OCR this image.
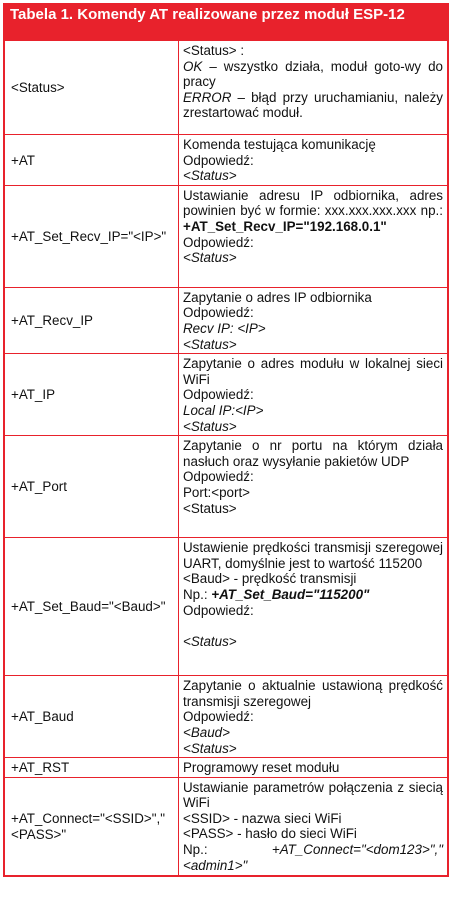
Tabela 1. Komendy AT realizowane przez moduł ESP-12
<Status>	<Status> :
OK – wszystko działa, moduł goto-wy do pracy
ERROR – błąd przy uruchamianiu, należy zrestartować moduł.

+AT	Komenda testująca komunikację
Odpowiedź:
<Status>

+AT_Set_Recv_IP="<IP>"	Ustawianie adresu IP odbiornika, adres powinien być w formie: xxx.xxx.xxx.xxx np.: +AT_Set_Recv_IP="192.168.0.1"
Odpowiedź:
<Status>

+AT_Recv_IP	Zapytanie o adres IP odbiornika
Odpowiedź:
Recv IP: <IP>
<Status>

+AT_IP	Zapytanie o adres modułu w lokalnej sieci WiFi
Odpowiedź:
Local IP:<IP>
<Status>

+AT_Port	Zapytanie o nr portu na którym działa nasłuch oraz wysyłanie pakietów UDP
Odpowiedź:
Port:<port>
<Status>

+AT_Set_Baud="<Baud>"	Ustawienie prędkości transmisji szeregowej UART, domyślnie jest to wartość 115200
<Baud> - prędkość transmisji
Np.: +AT_Set_Baud="115200"
Odpowiedź:

<Status>

+AT_Baud	Zapytanie o aktualnie ustawioną prędkość transmisji szeregowej
Odpowiedź:
<Baud>
<Status>

+AT_RST	Programowy reset modułu

+AT_Connect="<SSID>","<PASS>"	Ustawianie parametrów połączenia z siecią WiFi
<SSID> - nazwa sieci WiFi
<PASS> - hasło do sieci WiFi
Np.: +AT_Connect="<dom123>","<admin1>"
